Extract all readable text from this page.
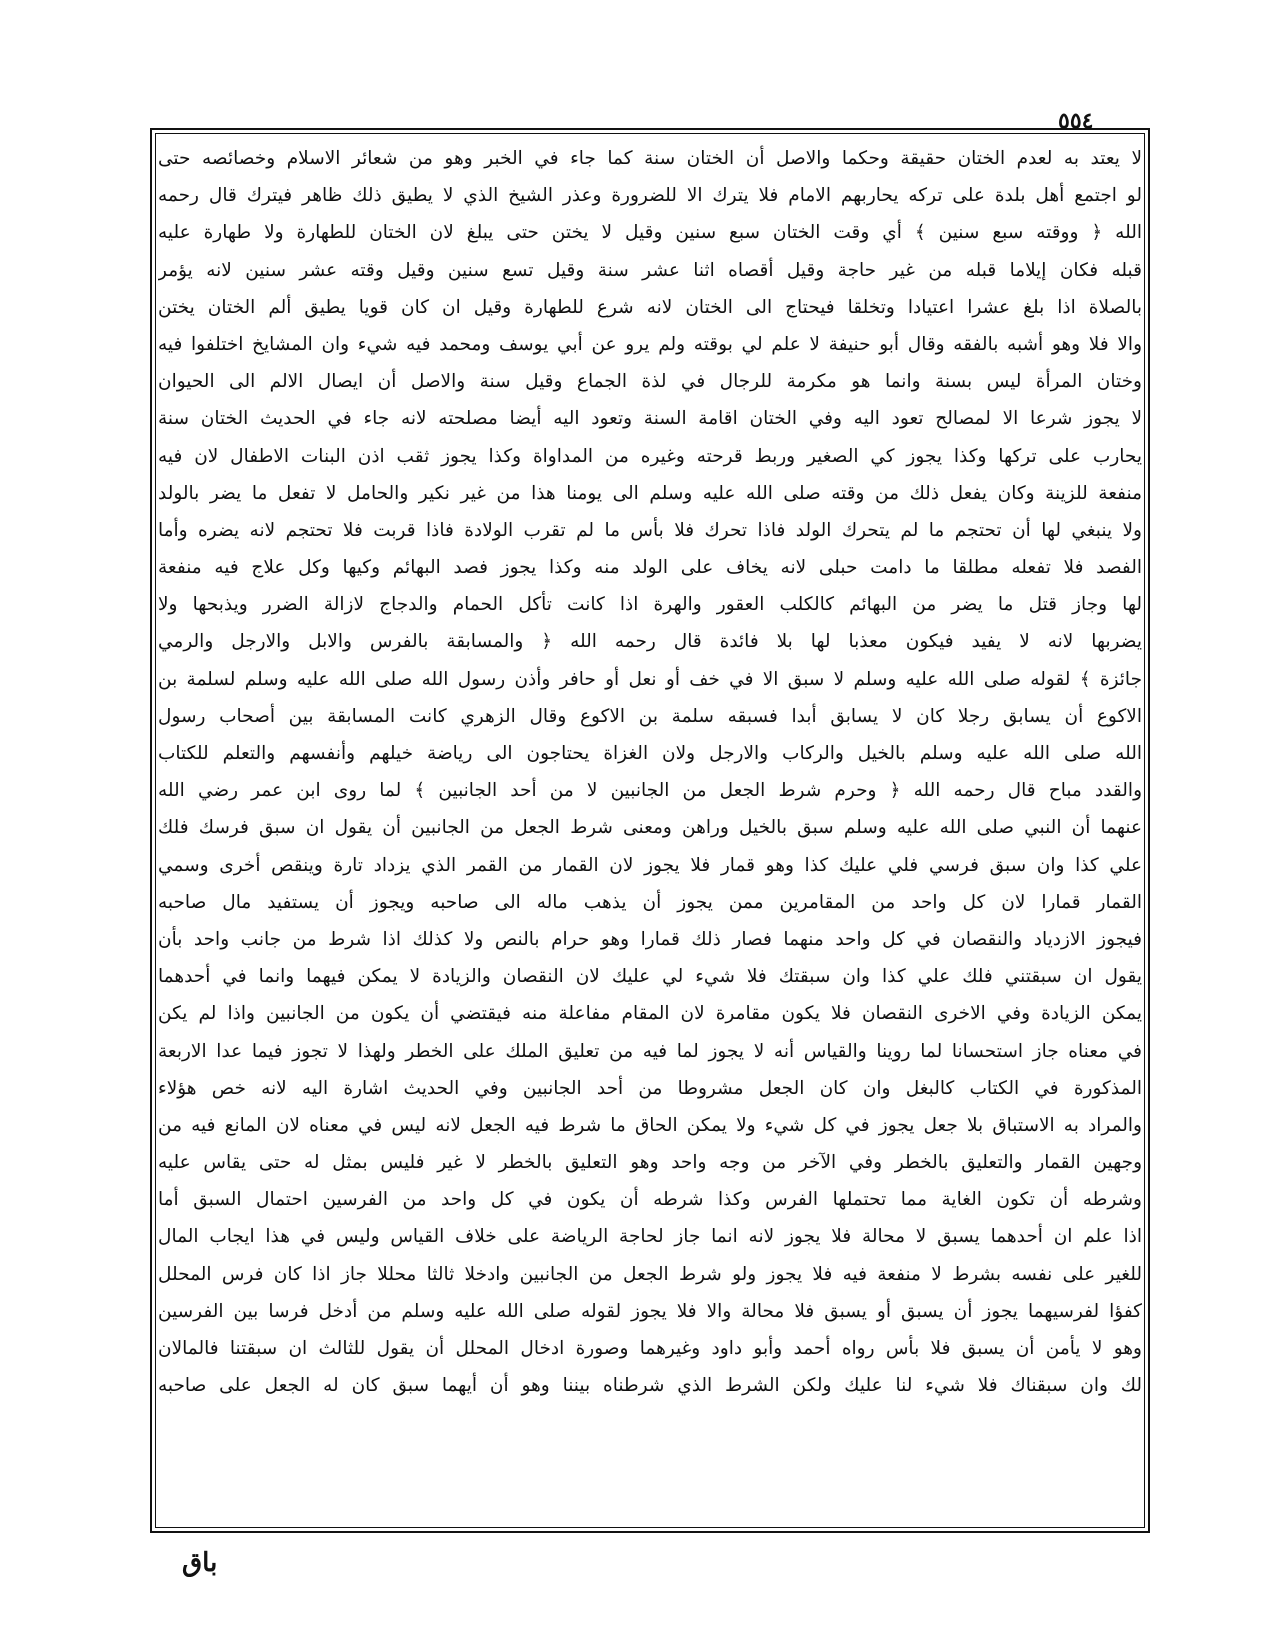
٥٥٤
لا يعتد به لعدم الختان حقيقة وحكما والاصل أن الختان سنة كما جاء في الخبر وهو من شعائر الاسلام وخصائصه حتى
لو اجتمع أهل بلدة على تركه يحاربهم الامام فلا يترك الا للضرورة وعذر الشيخ الذي لا يطيق ذلك ظاهر فيترك قال رحمه
الله ﴿ ووقته سبع سنين ﴾ أي وقت الختان سبع سنين وقيل لا يختن حتى يبلغ لان الختان للطهارة ولا طهارة عليه
قبله فكان إيلاما قبله من غير حاجة وقيل أقصاه اثنا عشر سنة وقيل تسع سنين وقيل وقته عشر سنين لانه يؤمر
بالصلاة اذا بلغ عشرا اعتيادا وتخلقا فيحتاج الى الختان لانه شرع للطهارة وقيل ان كان قويا يطيق ألم الختان يختن
والا فلا وهو أشبه بالفقه وقال أبو حنيفة لا علم لي بوقته ولم يرو عن أبي يوسف ومحمد فيه شيء وان المشايخ اختلفوا فيه
وختان المرأة ليس بسنة وانما هو مكرمة للرجال في لذة الجماع وقيل سنة والاصل أن ايصال الالم الى الحيوان
لا يجوز شرعا الا لمصالح تعود اليه وفي الختان اقامة السنة وتعود اليه أيضا مصلحته لانه جاء في الحديث الختان سنة
يحارب على تركها وكذا يجوز كي الصغير وربط قرحته وغيره من المداواة وكذا يجوز ثقب اذن البنات الاطفال لان فيه
منفعة للزينة وكان يفعل ذلك من وقته صلى الله عليه وسلم الى يومنا هذا من غير نكير والحامل لا تفعل ما يضر بالولد
ولا ينبغي لها أن تحتجم ما لم يتحرك الولد فاذا تحرك فلا بأس ما لم تقرب الولادة فاذا قربت فلا تحتجم لانه يضره وأما
الفصد فلا تفعله مطلقا ما دامت حبلى لانه يخاف على الولد منه وكذا يجوز فصد البهائم وكيها وكل علاج فيه منفعة
لها وجاز قتل ما يضر من البهائم كالكلب العقور والهرة اذا كانت تأكل الحمام والدجاج لازالة الضرر ويذبحها ولا
يضربها لانه لا يفيد فيكون معذبا لها بلا فائدة قال رحمه الله ﴿ والمسابقة بالفرس والابل والارجل والرمي
جائزة ﴾ لقوله صلى الله عليه وسلم لا سبق الا في خف أو نعل أو حافر وأذن رسول الله صلى الله عليه وسلم لسلمة بن
الاكوع أن يسابق رجلا كان لا يسابق أبدا فسبقه سلمة بن الاكوع وقال الزهري كانت المسابقة بين أصحاب رسول
الله صلى الله عليه وسلم بالخيل والركاب والارجل ولان الغزاة يحتاجون الى رياضة خيلهم وأنفسهم والتعلم للكتاب
والقدد مباح قال رحمه الله ﴿ وحرم شرط الجعل من الجانبين لا من أحد الجانبين ﴾ لما روى ابن عمر رضي الله
عنهما أن النبي صلى الله عليه وسلم سبق بالخيل وراهن ومعنى شرط الجعل من الجانبين أن يقول ان سبق فرسك فلك
علي كذا وان سبق فرسي فلي عليك كذا وهو قمار فلا يجوز لان القمار من القمر الذي يزداد تارة وينقص أخرى وسمي
القمار قمارا لان كل واحد من المقامرين ممن يجوز أن يذهب ماله الى صاحبه ويجوز أن يستفيد مال صاحبه
فيجوز الازدياد والنقصان في كل واحد منهما فصار ذلك قمارا وهو حرام بالنص ولا كذلك اذا شرط من جانب واحد بأن
يقول ان سبقتني فلك علي كذا وان سبقتك فلا شيء لي عليك لان النقصان والزيادة لا يمكن فيهما وانما في أحدهما
يمكن الزيادة وفي الاخرى النقصان فلا يكون مقامرة لان المقام مفاعلة منه فيقتضي أن يكون من الجانبين واذا لم يكن
في معناه جاز استحسانا لما روينا والقياس أنه لا يجوز لما فيه من تعليق الملك على الخطر ولهذا لا تجوز فيما عدا الاربعة
المذكورة في الكتاب كالبغل وان كان الجعل مشروطا من أحد الجانبين وفي الحديث اشارة اليه لانه خص هؤلاء
والمراد به الاستباق بلا جعل يجوز في كل شيء ولا يمكن الحاق ما شرط فيه الجعل لانه ليس في معناه لان المانع فيه من
وجهين القمار والتعليق بالخطر وفي الآخر من وجه واحد وهو التعليق بالخطر لا غير فليس بمثل له حتى يقاس عليه
وشرطه أن تكون الغاية مما تحتملها الفرس وكذا شرطه أن يكون في كل واحد من الفرسين احتمال السبق أما
اذا علم ان أحدهما يسبق لا محالة فلا يجوز لانه انما جاز لحاجة الرياضة على خلاف القياس وليس في هذا ايجاب المال
للغير على نفسه بشرط لا منفعة فيه فلا يجوز ولو شرط الجعل من الجانبين وادخلا ثالثا محللا جاز اذا كان فرس المحلل
كفؤا لفرسيهما يجوز أن يسبق أو يسبق فلا محالة والا فلا يجوز لقوله صلى الله عليه وسلم من أدخل فرسا بين الفرسين
وهو لا يأمن أن يسبق فلا بأس رواه أحمد وأبو داود وغيرهما وصورة ادخال المحلل أن يقول للثالث ان سبقتنا فالمالان
لك وان سبقناك فلا شيء لنا عليك ولكن الشرط الذي شرطناه بيننا وهو أن أيهما سبق كان له الجعل على صاحبه
باق
